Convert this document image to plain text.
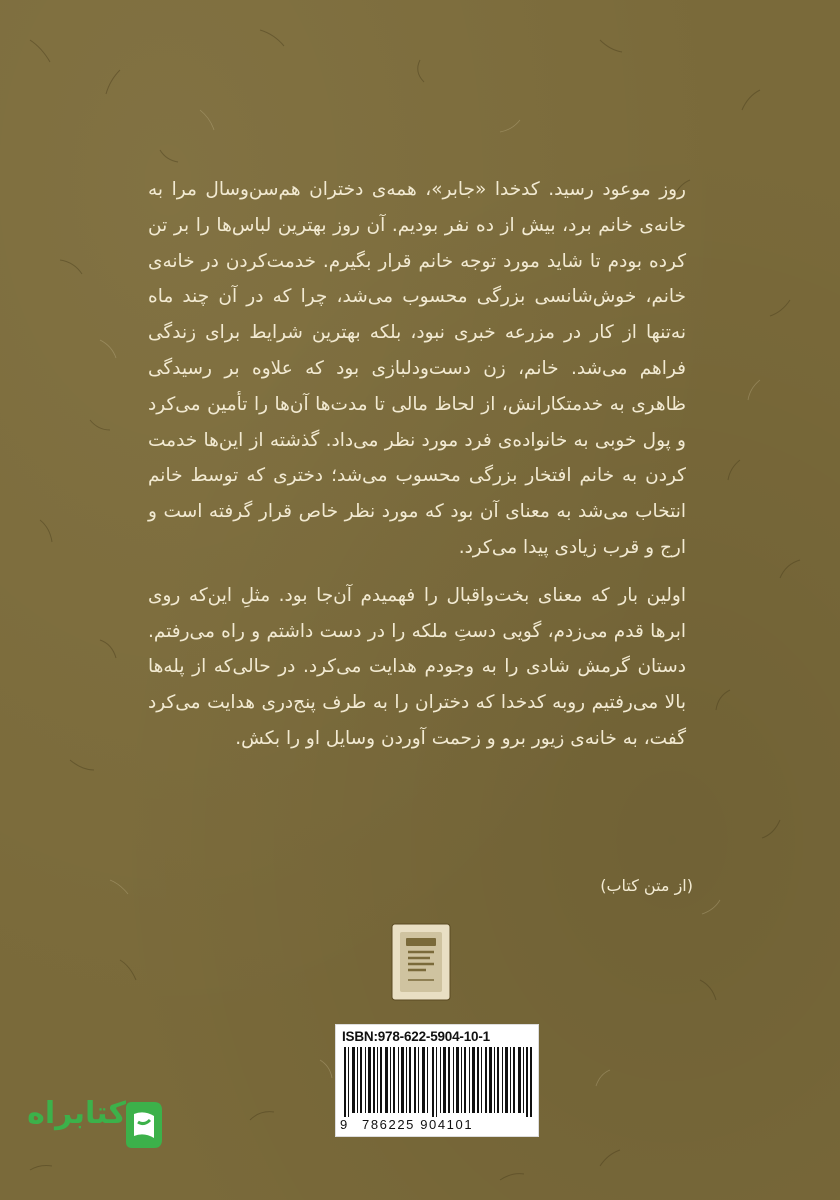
روز موعود رسید. کدخدا «جابر»، همه‌ی دختران هم‌سن‌وسال مرا به خانه‌ی خانم برد، بیش از ده نفر بودیم. آن روز بهترین لباس‌ها را بر تن کرده بودم تا شاید مورد توجه خانم قرار بگیرم. خدمت‌کردن در خانه‌ی خانم، خوش‌شانسی بزرگی محسوب می‌شد، چرا که در آن چند ماه نه‌تنها از کار در مزرعه خبری نبود، بلکه بهترین شرایط برای زندگی فراهم می‌شد. خانم، زن دست‌ودلبازی بود که علاوه بر رسیدگی ظاهری به خدمتکارانش، از لحاظ مالی تا مدت‌ها آن‌ها را تأمین می‌کرد و پول خوبی به خانواده‌ی فرد مورد نظر می‌داد. گذشته از این‌ها خدمت کردن به خانم افتخار بزرگی محسوب می‌شد؛ دختری که توسط خانم انتخاب می‌شد به معنای آن بود که مورد نظر خاص قرار گرفته است و ارج و قرب زیادی پیدا می‌کرد.

اولین بار که معنای بخت‌واقبال را فهمیدم آن‌جا بود. مثلِ این‌که روی ابرها قدم می‌زدم، گویی دستِ ملکه را در دست داشتم و راه می‌رفتم. دستان گرمش شادی را به وجودم هدایت می‌کرد. در حالی‌که از پله‌ها بالا می‌رفتیم روبه کدخدا که دختران را به طرف پنج‌دری هدایت می‌کرد گفت، به خانه‌ی زیور برو و زحمت آوردن وسایل او را بکش.

(از متن کتاب)
ISBN:978-622-5904-10-1
9 786225 904101
کتابراه
